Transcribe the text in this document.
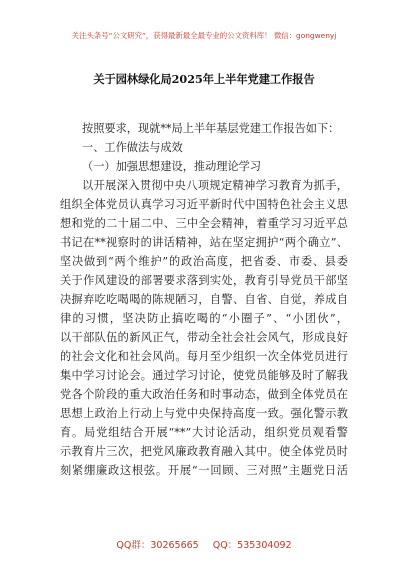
关注头条号“公文研究”，获得最新最全最专业的公文资料库！ 微信：gongwenyj
关于园林绿化局2025年上半年党建工作报告
按照要求，现就**局上半年基层党建工作报告如下：
一、工作做法与成效
（一）加强思想建设，推动理论学习
以开展深入贯彻中央八项规定精神学习教育为抓手，
组织全体党员认真学习习近平新时代中国特色社会主义思
想和党的二十届二中、三中全会精神，着重学习习近平总
书记在**视察时的讲话精神，站在坚定拥护“两个确立”、
坚决做到“两个维护”的政治高度，把省委、市委、县委
关于作风建设的部署要求落到实处，教育引导党员干部坚
决摒弃吃吃喝喝的陈规陋习，自警、自省、自觉，养成自
律的习惯，坚决防止搞吃喝的“小圈子”、“小团伙”，
以干部队伍的新风正气，带动全社会社会风气，形成良好
的社会文化和社会风尚。每月至少组织一次全体党员进行
集中学习讨论会。通过学习讨论，使党员能够及时了解我
党各个阶段的重大政治任务和时事动态，做到全体党员在
思想上政治上行动上与党中央保持高度一致。强化警示教
育。局党组结合开展“**”大讨论活动，组织党员观看警
示教育片三次，把党风廉政教育融入其中。使全体党员时
刻紧绷廉政这根弦。开展“一回顾、三对照”主题党日活
QQ群：30265665 QQ：535304092
